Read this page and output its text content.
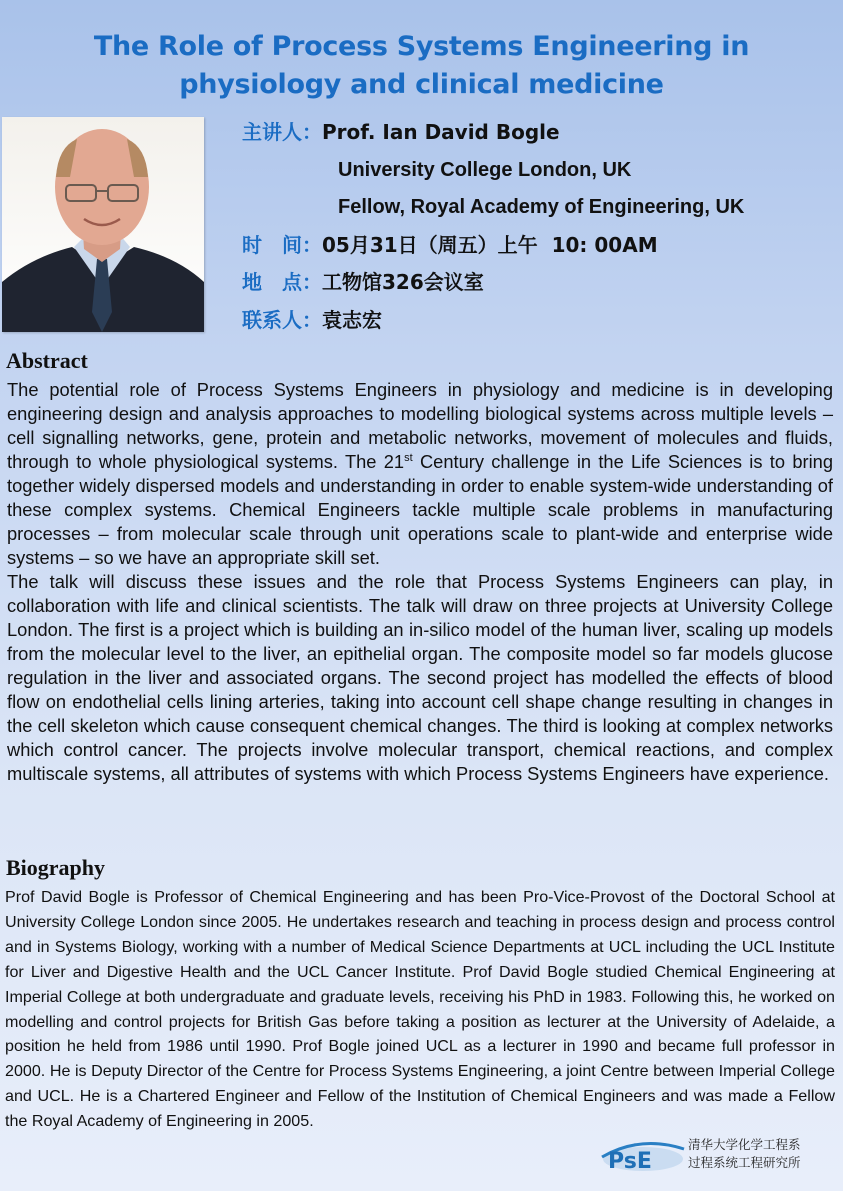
The Role of Process Systems Engineering in physiology and clinical medicine
主讲人：Prof. Ian David Bogle
University College London, UK
Fellow, Royal Academy of Engineering, UK
时　间：05月31日（周五）上午  10: 00AM
地　点：工物馆326会议室
联系人：袁志宏
Abstract

The potential role of Process Systems Engineers in physiology and medicine is in developing engineering design and analysis approaches to modelling biological systems across multiple levels – cell signalling networks, gene, protein and metabolic networks, movement of molecules and fluids, through to whole physiological systems. The 21st Century challenge in the Life Sciences is to bring together widely dispersed models and understanding in order to enable system-wide understanding of these complex systems. Chemical Engineers tackle multiple scale problems in manufacturing processes – from molecular scale through unit operations scale to plant-wide and enterprise wide systems – so we have an appropriate skill set.

The talk will discuss these issues and the role that Process Systems Engineers can play, in collaboration with life and clinical scientists. The talk will draw on three projects at University College London. The first is a project which is building an in-silico model of the human liver, scaling up models from the molecular level to the liver, an epithelial organ. The composite model so far models glucose regulation in the liver and associated organs. The second project has modelled the effects of blood flow on endothelial cells lining arteries, taking into account cell shape change resulting in changes in the cell skeleton which cause consequent chemical changes. The third is looking at complex networks which control cancer. The projects involve molecular transport, chemical reactions, and complex multiscale systems, all attributes of systems with which Process Systems Engineers have experience.

Biography
Prof David Bogle is Professor of Chemical Engineering and has been Pro-Vice-Provost of the Doctoral School at University College London since 2005. He undertakes research and teaching in process design and process control and in Systems Biology, working with a number of Medical Science Departments at UCL including the UCL Institute for Liver and Digestive Health and the UCL Cancer Institute. Prof David Bogle studied Chemical Engineering at Imperial College at both undergraduate and graduate levels, receiving his PhD in 1983. Following this, he worked on modelling and control projects for British Gas before taking a position as lecturer at the University of Adelaide, a position he held from 1986 until 1990. Prof Bogle joined UCL as a lecturer in 1990 and became full professor in 2000. He is Deputy Director of the Centre for Process Systems Engineering, a joint Centre between Imperial College and UCL. He is a Chartered Engineer and Fellow of the Institution of Chemical Engineers and was made a Fellow the Royal Academy of Engineering in 2005.
PsE
清华大学化学工程系
过程系统工程研究所
